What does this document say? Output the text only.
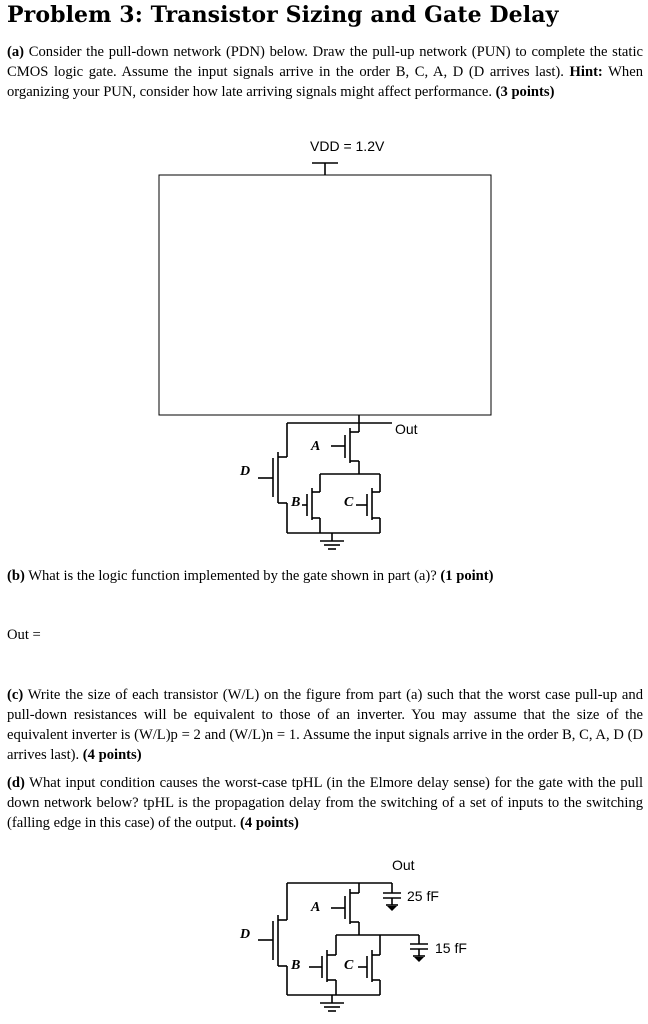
Problem 3: Transistor Sizing and Gate Delay
(a) Consider the pull-down network (PDN) below. Draw the pull-up network (PUN) to complete the static CMOS logic gate. Assume the input signals arrive in the order B, C, A, D (D arrives last). Hint: When organizing your PUN, consider how late arriving signals might affect performance. (3 points)
VDD = 1.2V
Out
A
D
B	C
(b) What is the logic function implemented by the gate shown in part (a)? (1 point)
Out =
(c) Write the size of each transistor (W/L) on the figure from part (a) such that the worst case pull-up and pull-down resistances will be equivalent to those of an inverter. You may assume that the size of the equivalent inverter is (W/L)p = 2 and (W/L)n = 1. Assume the input signals arrive in the order B, C, A, D (D arrives last). (4 points)
(d) What input condition causes the worst-case tpHL (in the Elmore delay sense) for the gate with the pull down network below? tpHL is the propagation delay from the switching of a set of inputs to the switching (falling edge in this case) of the output. (4 points)
Out
25 fF
15 fF
A
D
B	C
